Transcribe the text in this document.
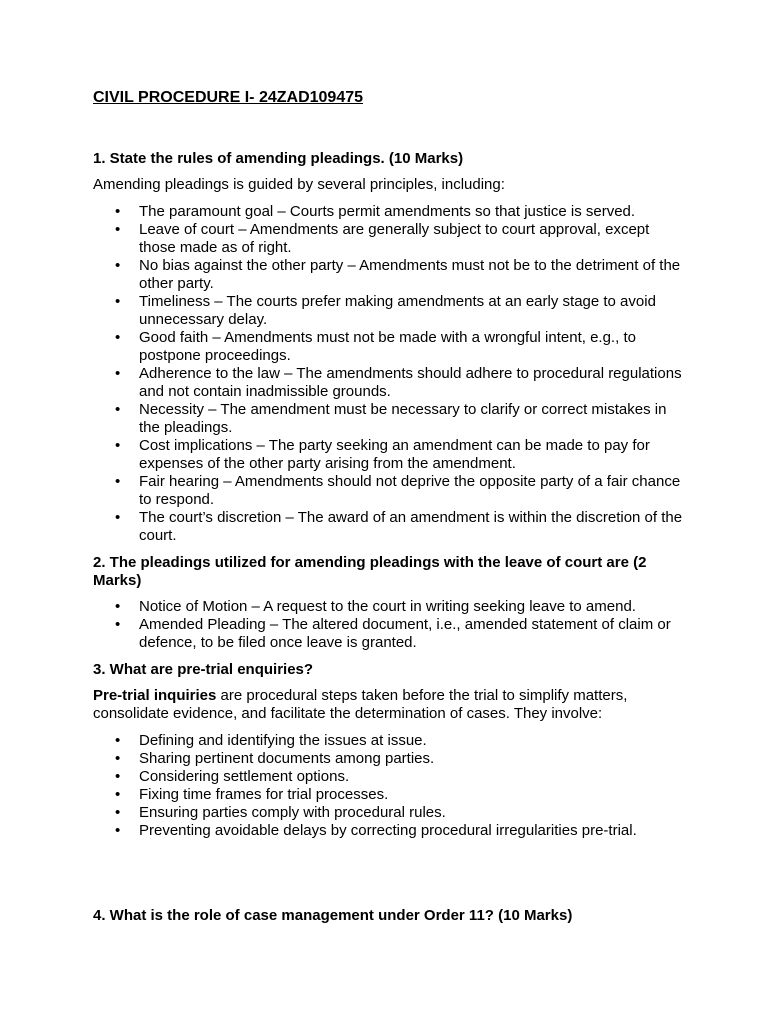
CIVIL PROCEDURE I- 24ZAD109475
1. State the rules of amending pleadings. (10 Marks)
Amending pleadings is guided by several principles, including:
• The paramount goal – Courts permit amendments so that justice is served.
• Leave of court – Amendments are generally subject to court approval, except those made as of right.
• No bias against the other party – Amendments must not be to the detriment of the other party.
• Timeliness – The courts prefer making amendments at an early stage to avoid unnecessary delay.
• Good faith – Amendments must not be made with a wrongful intent, e.g., to postpone proceedings.
• Adherence to the law – The amendments should adhere to procedural regulations and not contain inadmissible grounds.
• Necessity – The amendment must be necessary to clarify or correct mistakes in the pleadings.
• Cost implications – The party seeking an amendment can be made to pay for expenses of the other party arising from the amendment.
• Fair hearing – Amendments should not deprive the opposite party of a fair chance to respond.
• The court’s discretion – The award of an amendment is within the discretion of the court.
2. The pleadings utilized for amending pleadings with the leave of court are (2 Marks)
• Notice of Motion – A request to the court in writing seeking leave to amend.
• Amended Pleading – The altered document, i.e., amended statement of claim or defence, to be filed once leave is granted.
3. What are pre-trial enquiries?
Pre-trial inquiries are procedural steps taken before the trial to simplify matters, consolidate evidence, and facilitate the determination of cases. They involve:
• Defining and identifying the issues at issue.
• Sharing pertinent documents among parties.
• Considering settlement options.
• Fixing time frames for trial processes.
• Ensuring parties comply with procedural rules.
• Preventing avoidable delays by correcting procedural irregularities pre-trial.
4. What is the role of case management under Order 11? (10 Marks)
